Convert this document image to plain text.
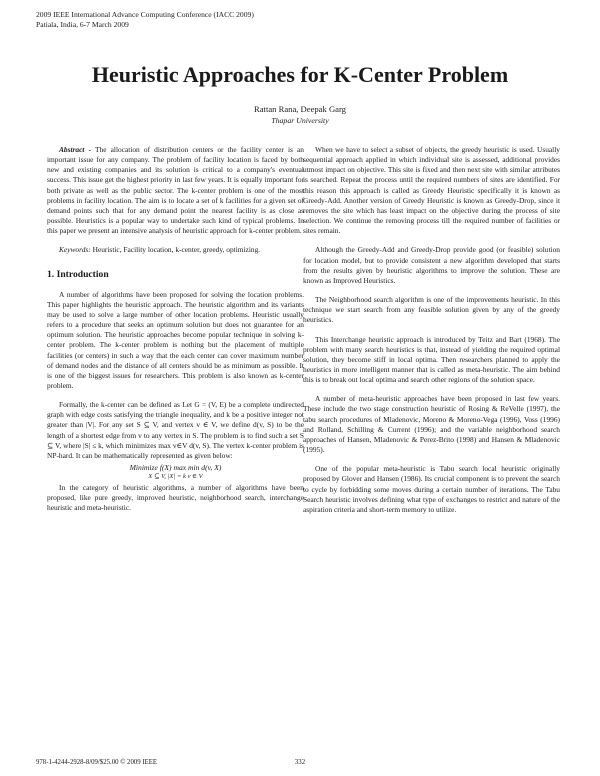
2009 IEEE International Advance Computing Conference (IACC 2009)
Patiala, India, 6-7 March 2009
Heuristic Approaches for K-Center Problem
Rattan Rana, Deepak Garg
Thapar University

Abstract - The allocation of distribution centers or the facility center is an important issue for any company. The problem of facility location is faced by both new and existing companies and its solution is critical to a company's eventual success. This issue get the highest priority in last few years. It is equally important for both private as well as the public sector. The k-center problem is one of the most problems in facility location. The aim is to locate a set of k facilities for a given set of demand points such that for any demand point the nearest facility is as close as possible. Heuristics is a popular way to undertake such kind of typical problems. In this paper we present an intensive analysis of heuristic approach for k-center problem.

Keywords: Heuristic, Facility location, k-center, greedy, optimizing.

1. Introduction

A number of algorithms have been proposed for solving the location problems. This paper highlights the heuristic approach. The heuristic algorithm and its variants may be used to solve a large number of other location problems. Heuristic usually refers to a procedure that seeks an optimum solution but does not guarantee for an optimum solution. The heuristic approaches become popular technique in solving k-center problem. The k-center problem is nothing but the placement of multiple facilities (or centers) in such a way that the each center can cover maximum number of demand nodes and the distance of all centers should be as minimum as possible. It is one of the biggest issues for researchers. This problem is also known as k-center problem.

Formally, the k-center can be defined as Let G = (V, E) be a complete undirected graph with edge costs satisfying the triangle inequality, and k be a positive integer not greater than |V|. For any set S ⊆ V, and vertex v ∈ V, we define d(v, S) to be the length of a shortest edge from v to any vertex in S. The problem is to find such a set S ⊆ V, where |S| ≤ k, which minimizes max v∈V d(v, S). The vertex k-center problem is NP-hard. It can be mathematically represented as given below:

Minimize f(X) max min d(v, X)
X ⊆ V, |X| = k v ∈ V

In the category of heuristic algorithms, a number of algorithms have been proposed, like pure greedy, improved heuristic, neighborhood search, interchange heuristic and meta-heuristic.

When we have to select a subset of objects, the greedy heuristic is used. Usually sequential approach applied in which individual site is assessed, additional provides utmost impact on objective. This site is fixed and then next site with similar attributes is searched. Repeat the process until the required numbers of sites are identified. For this reason this approach is called as Greedy Heuristic specifically it is known as Greedy-Add. Another version of Greedy Heuristic is known as Greedy-Drop, since it removes the site which has least impact on the objective during the process of site selection. We continue the removing process till the required number of facilities or sites remain.

Although the Greedy-Add and Greedy-Drop provide good (or feasible) solution for location model, but to provide consistent a new algorithm developed that starts from the results given by heuristic algorithms to improve the solution. These are known as Improved Heuristics.

The Neighborhood search algorithm is one of the improvements heuristic. In this technique we start search from any feasible solution given by any of the greedy heuristics.

This Interchange heuristic approach is introduced by Teitz and Bart (1968). The problem with many search heuristics is that, instead of yielding the required optimal solution, they become stiff in local optima. Then researchers planned to apply the heuristics in more intelligent manner that is called as meta-heuristic. The aim behind this is to break out local optima and search other regions of the solution space.

A number of meta-heuristic approaches have been proposed in last few years. These include the two stage construction heuristic of Rosing & ReVelle (1997), the tabu search procedures of Mladenovic, Moreno & Moreno-Vega (1996), Voss (1996) and Rolland, Schilling & Current (1996); and the variable neighborhood search approaches of Hansen, Mladenovic & Perez-Brito (1998) and Hansen & Mladenovic (1995).

One of the popular meta-heuristic is Tabu search local heuristic originally proposed by Glover and Hansen (1986). Its crucial component is to prevent the search to cycle by forbidding some moves during a certain number of iterations. The Tabu Search heuristic involves defining what type of exchanges to restrict and nature of the aspiration criteria and short-term memory to utilize.

978-1-4244-2928-8/09/$25.00 © 2009 IEEE	332
